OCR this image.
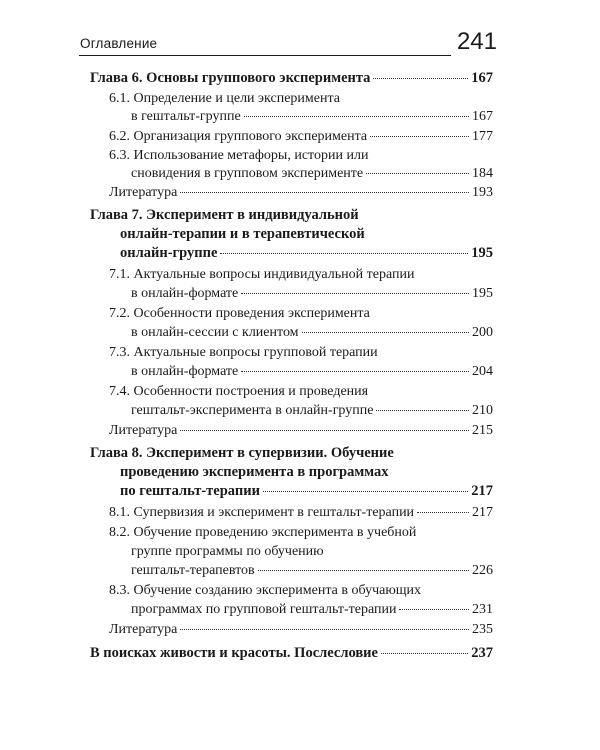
Оглавление	241
Глава 6. Основы группового эксперимента	167
6.1. Определение и цели эксперимента
в гештальт-группе	167
6.2. Организация группового эксперимента	177
6.3. Использование метафоры, истории или
сновидения в групповом эксперименте	184
Литература	193
Глава 7. Эксперимент в индивидуальной
онлайн-терапии и в терапевтической
онлайн-группе	195
7.1. Актуальные вопросы индивидуальной терапии
в онлайн-формате	195
7.2. Особенности проведения эксперимента
в онлайн-сессии с клиентом	200
7.3. Актуальные вопросы групповой терапии
в онлайн-формате	204
7.4. Особенности построения и проведения
гештальт-эксперимента в онлайн-группе	210
Литература	215
Глава 8. Эксперимент в супервизии. Обучение
проведению эксперимента в программах
по гештальт-терапии	217
8.1. Супервизия и эксперимент в гештальт-терапии	217
8.2. Обучение проведению эксперимента в учебной
группе программы по обучению
гештальт-терапевтов	226
8.3. Обучение созданию эксперимента в обучающих
программах по групповой гештальт-терапии	231
Литература	235
В поисках живости и красоты. Послесловие	237
